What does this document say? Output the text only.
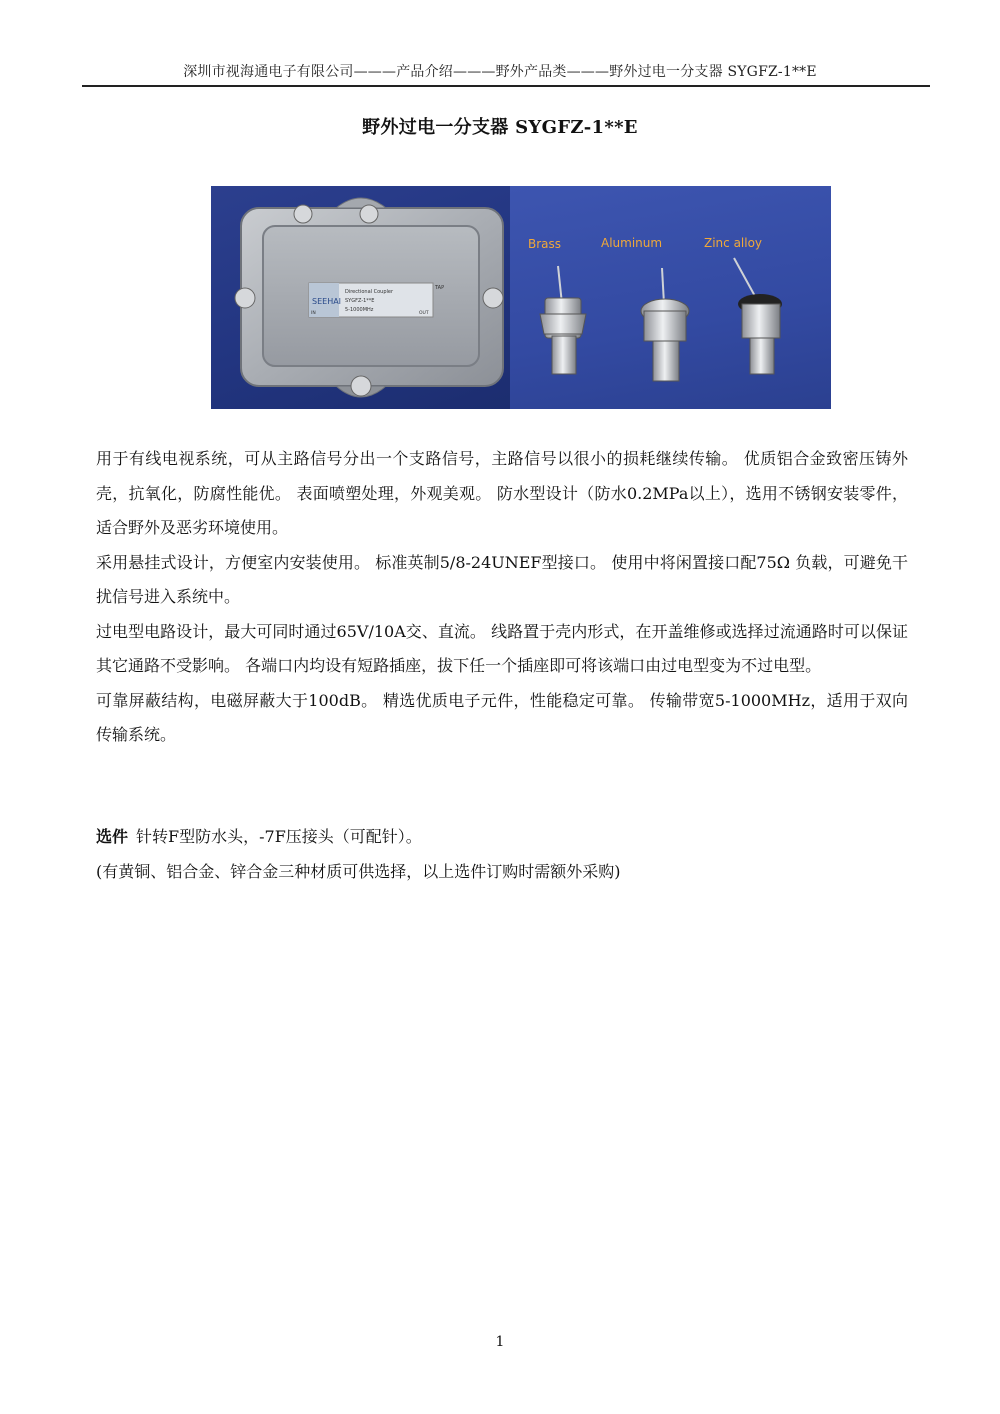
深圳市视海通电子有限公司———产品介绍———野外产品类———野外过电一分支器 SYGFZ-1**E
野外过电一分支器 SYGFZ-1**E
SEEHAI
Directional Coupler
SYGFZ-1**E
5-1000MHz
TAP
IN	OUT
Brass	Aluminum	Zinc alloy

用于有线电视系统，可从主路信号分出一个支路信号，主路信号以很小的损耗继续传输。 优质铝合金致密压铸外壳，抗氧化，防腐性能优。 表面喷塑处理，外观美观。 防水型设计（防水0.2MPa以上），选用不锈钢安装零件，适合野外及恶劣环境使用。

采用悬挂式设计，方便室内安装使用。 标准英制5/8-24UNEF型接口。 使用中将闲置接口配75Ω 负载，可避免干扰信号进入系统中。

过电型电路设计，最大可同时通过65V/10A交、直流。 线路置于壳内形式，在开盖维修或选择过流通路时可以保证其它通路不受影响。 各端口内均设有短路插座，拔下任一个插座即可将该端口由过电型变为不过电型。

可靠屏蔽结构，电磁屏蔽大于100dB。 精选优质电子元件，性能稳定可靠。 传输带宽5-1000MHz，适用于双向传输系统。

选件 针转F型防水头，-7F压接头（可配针）。

(有黄铜、铝合金、锌合金三种材质可供选择，以上选件订购时需额外采购)

1
